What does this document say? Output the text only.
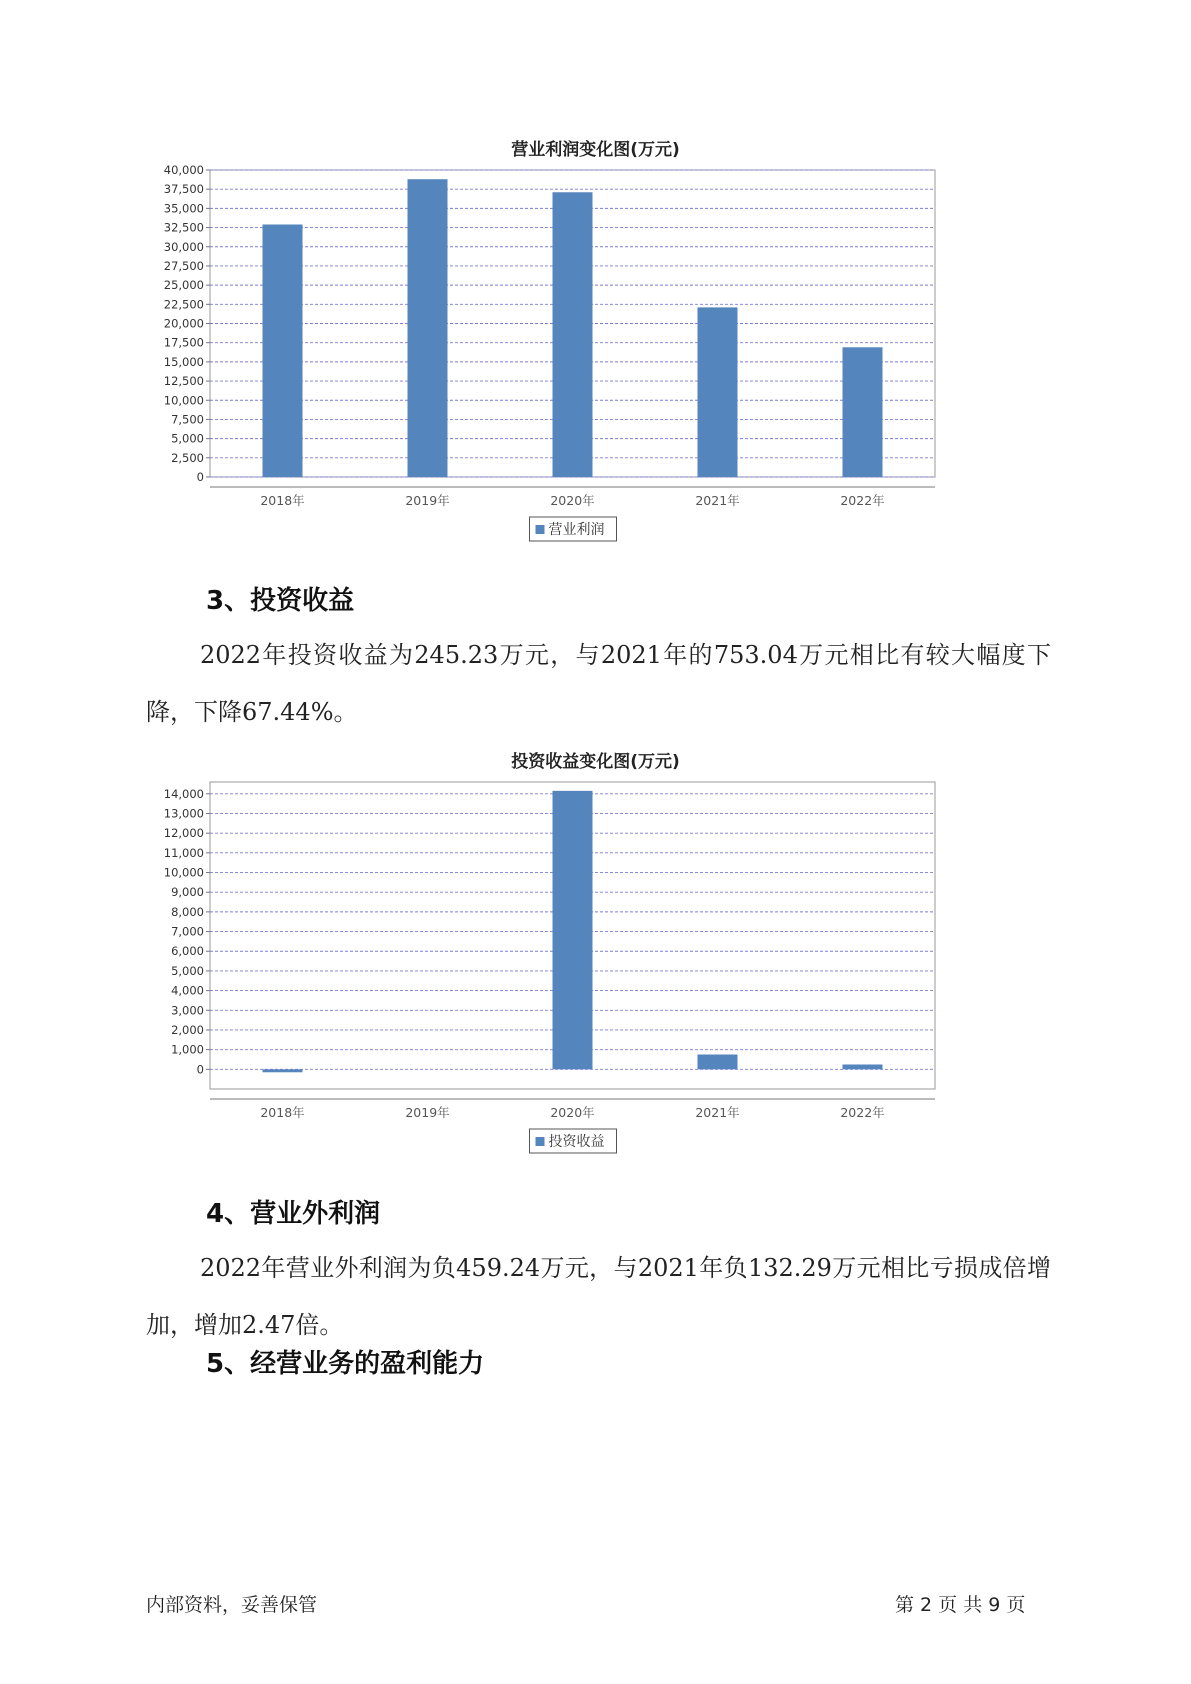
营业利润变化图(万元)
0
2,500
5,000
7,500
10,000
12,500
15,000
17,500
20,000
22,500
25,000
27,500
30,000
32,500
35,000
37,500
40,000
2018年	2019年	2020年	2021年	2022年
营业利润
3、投资收益
2022年投资收益为245.23万元，与2021年的753.04万元相比有较大幅度下降，下降67.44%。
投资收益变化图(万元)
0
1,000
2,000
3,000
4,000
5,000
6,000
7,000
8,000
9,000
10,000
11,000
12,000
13,000
14,000
2018年	2019年	2020年	2021年	2022年
投资收益
4、营业外利润
2022年营业外利润为负459.24万元，与2021年负132.29万元相比亏损成倍增加，增加2.47倍。
5、经营业务的盈利能力
内部资料，妥善保管	第 2 页 共 9 页
